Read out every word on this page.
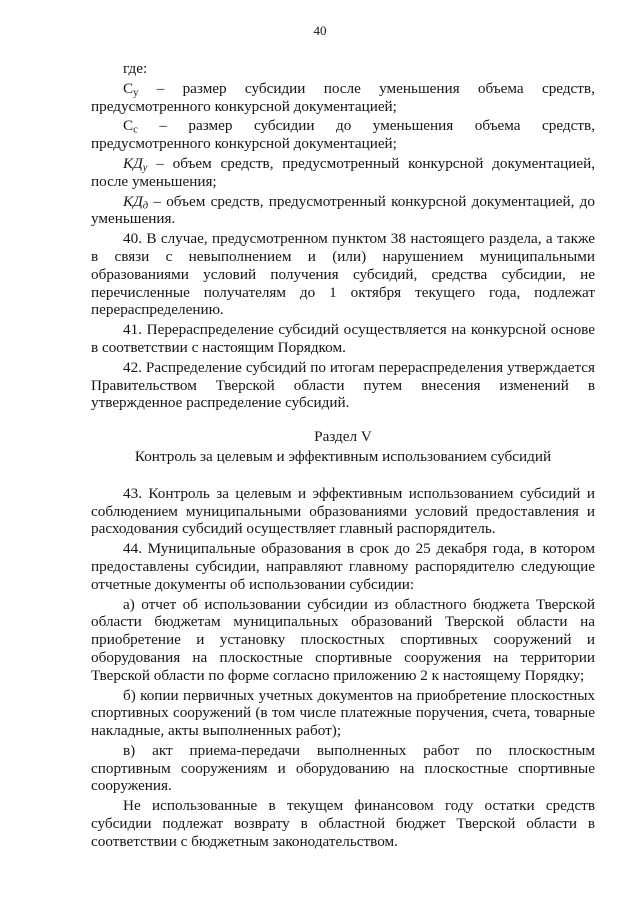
40

где:

$С_у$ – размер субсидии после уменьшения объема средств,

предусмотренного конкурсной документацией;

$С_с$ – размер субсидии до уменьшения объема средств,

предусмотренного конкурсной документацией;

$КД_у$ – объем средств, предусмотренный конкурсной документацией, после уменьшения;

$КД_д$ – объем средств, предусмотренный конкурсной документацией, до уменьшения.

40. В случае, предусмотренном пунктом 38 настоящего раздела, а также в связи с невыполнением и (или) нарушением муниципальными образованиями условий получения субсидий, средства субсидии, не перечисленные получателям до 1 октября текущего года, подлежат перераспределению.

41. Перераспределение субсидий осуществляется на конкурсной основе в соответствии с настоящим Порядком.

42. Распределение субсидий по итогам перераспределения утверждается Правительством Тверской области путем внесения изменений в утвержденное распределение субсидий.

Раздел V

Контроль за целевым и эффективным использованием субсидий

43. Контроль за целевым и эффективным использованием субсидий и соблюдением муниципальными образованиями условий предоставления и расходования субсидий осуществляет главный распорядитель.

44. Муниципальные образования в срок до 25 декабря года, в котором предоставлены субсидии, направляют главному распорядителю следующие отчетные документы об использовании субсидии:

а) отчет об использовании субсидии из областного бюджета Тверской области бюджетам муниципальных образований Тверской области на приобретение и установку плоскостных спортивных сооружений и оборудования на плоскостные спортивные сооружения на территории Тверской области по форме согласно приложению 2 к настоящему Порядку;

б) копии первичных учетных документов на приобретение плоскостных спортивных сооружений (в том числе платежные поручения, счета, товарные накладные, акты выполненных работ);

в) акт приема-передачи выполненных работ по плоскостным спортивным сооружениям и оборудованию на плоскостные спортивные сооружения.

Не использованные в текущем финансовом году остатки средств субсидии подлежат возврату в областной бюджет Тверской области в соответствии с бюджетным законодательством.
